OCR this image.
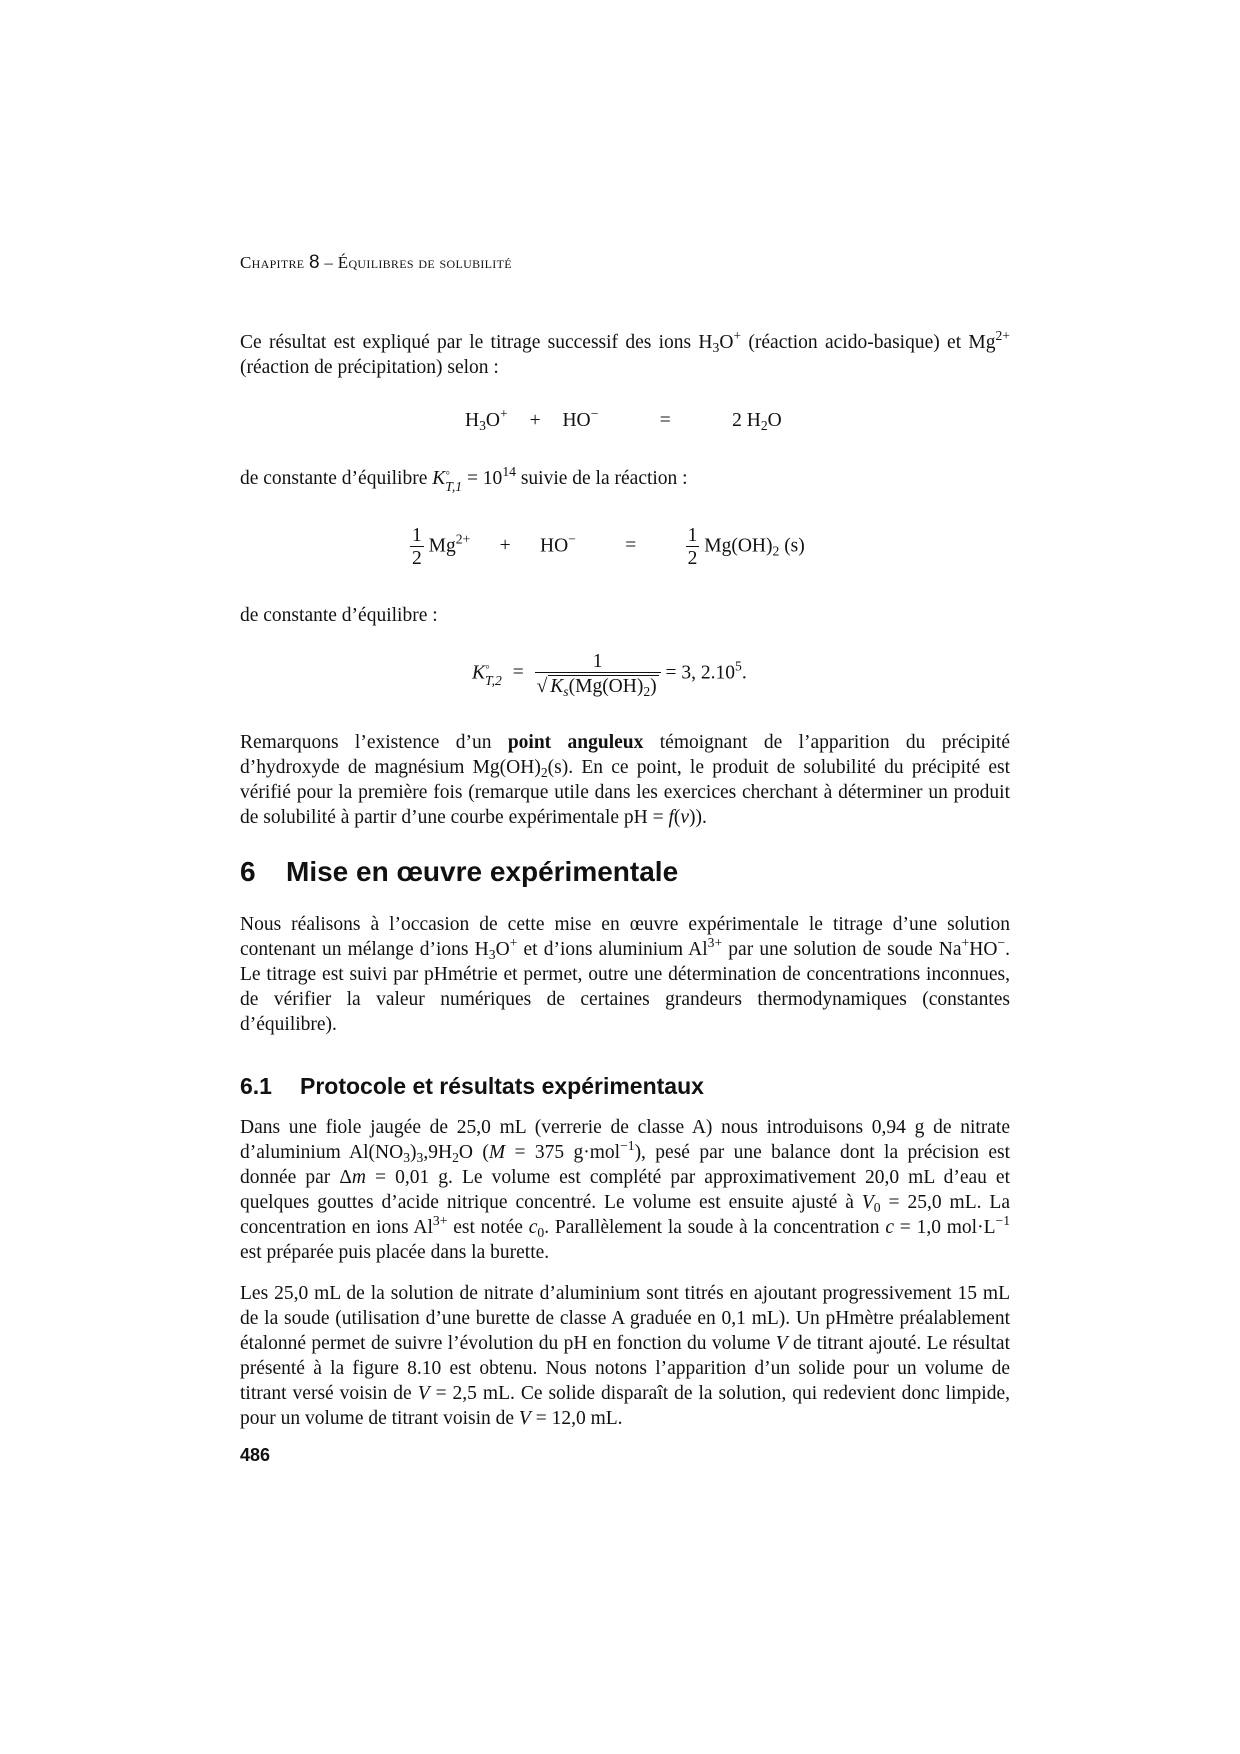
Chapitre 8 – Équilibres de solubilité

Ce résultat est expliqué par le titrage successif des ions $H_3O^+$ (réaction acido-basique) et $Mg^{2+}$ (réaction de précipitation) selon :

$H_3O^+ + HO^-$	=	2 $H_2O$

de constante d’équilibre K ◦
$T,1 = 10^{14}$ suivie de la réaction :

$\frac{1}{2} Mg^{2+} + HO^-$	=	$\frac{1}{2} Mg(OH)_2$ (s)

de constante d’équilibre :

K ◦
$T,2 = \frac{1}{√ K_s(Mg(OH)_2)} = 3$, 2.10$^5$.

Remarquons l’existence d’un point anguleux témoignant de l’apparition du précipité d’hydroxyde de magnésium $Mg(OH)_2(s)$. En ce point, le produit de solubilité du précipité est vérifié pour la première fois (remarque utile dans les exercices cherchant à déterminer un produit de solubilité à partir d’une courbe expérimentale pH = f(v)).

6 Mise en œuvre expérimentale

Nous réalisons à l’occasion de cette mise en œuvre expérimentale le titrage d’une solution contenant un mélange d’ions $H_3O^+$ et d’ions aluminium $Al^{3+}$ par une solution de soude Na+HO−. Le titrage est suivi par pHmétrie et permet, outre une détermination de concentrations inconnues, de vérifier la valeur numériques de certaines grandeurs thermodynamiques (constantes d’équilibre).

6.1 Protocole et résultats expérimentaux

Dans une fiole jaugée de 25,0 mL (verrerie de classe A) nous introduisons 0,94 g de nitrate d’aluminium $Al(NO_3)_3,9H_2O$ (M = 375 g·mol$^{-1}$), pesé par une balance dont la précision est donnée par Δm = 0,01 g. Le volume est complété par approximativement 20,0 mL d’eau et quelques gouttes d’acide nitrique concentré. Le volume est ensuite ajusté à $V_0 = 25,0$ mL. La concentration en ions $Al^{3+}$ est notée $c_0$. Parallèlement la soude à la concentration c = 1,0 $mol\cdot L^{-1}$ est préparée puis placée dans la burette.

Les 25,0 mL de la solution de nitrate d’aluminium sont titrés en ajoutant progressivement 15 mL de la soude (utilisation d’une burette de classe A graduée en 0,1 mL). Un pHmètre préalablement étalonné permet de suivre l’évolution du pH en fonction du volume V de titrant ajouté. Le résultat présenté à la figure 8.10 est obtenu. Nous notons l’apparition d’un solide pour un volume de titrant versé voisin de V = 2,5 mL. Ce solide disparaît de la solution, qui redevient donc limpide, pour un volume de titrant voisin de V = 12,0 mL.

486
